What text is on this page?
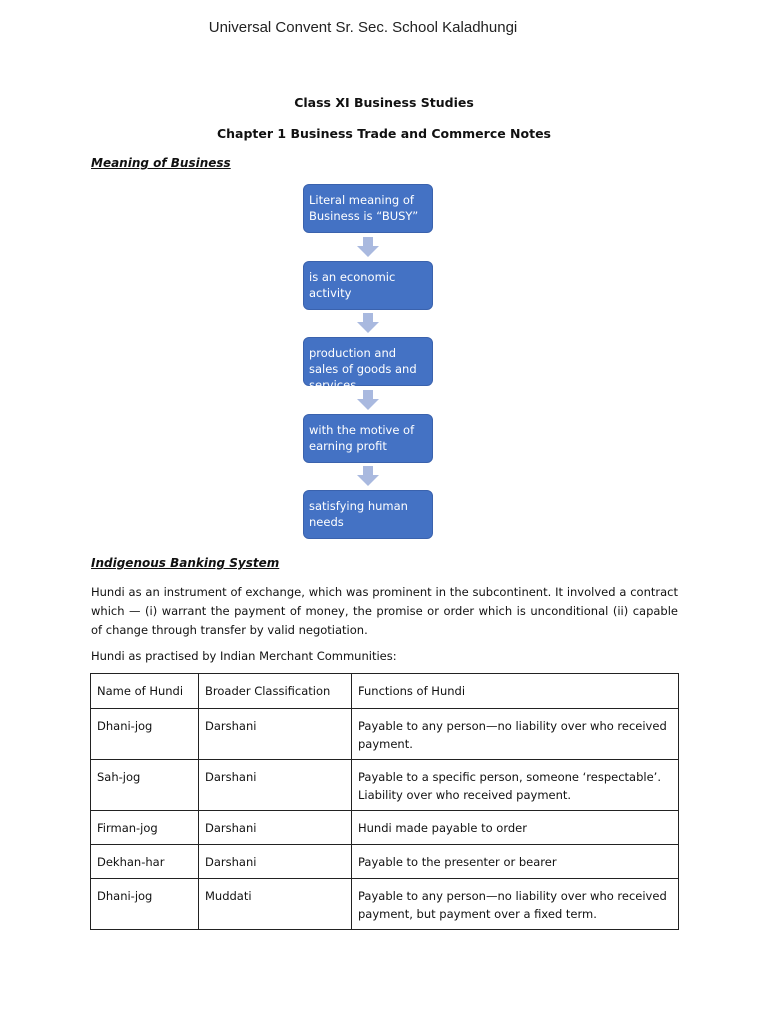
Universal Convent Sr. Sec. School Kaladhungi
Class XI Business Studies
Chapter 1 Business Trade and Commerce Notes
Meaning of Business
Literal meaning of Business is “BUSY”
is an economic activity
production and sales of goods and services
with the motive of earning profit
satisfying human needs
Indigenous Banking System
Hundi as an instrument of exchange, which was prominent in the subcontinent. It involved a contract which — (i) warrant the payment of money, the promise or order which is unconditional (ii) capable of change through transfer by valid negotiation.
Hundi as practised by Indian Merchant Communities:
Name of Hundi	Broader Classification	Functions of Hundi
Dhani-jog	Darshani	Payable to any person—no liability over who received payment.
Sah-jog	Darshani	Payable to a specific person, someone ‘respectable’. Liability over who received payment.
Firman-jog	Darshani	Hundi made payable to order
Dekhan-har	Darshani	Payable to the presenter or bearer
Dhani-jog	Muddati	Payable to any person—no liability over who received payment, but payment over a fixed term.
